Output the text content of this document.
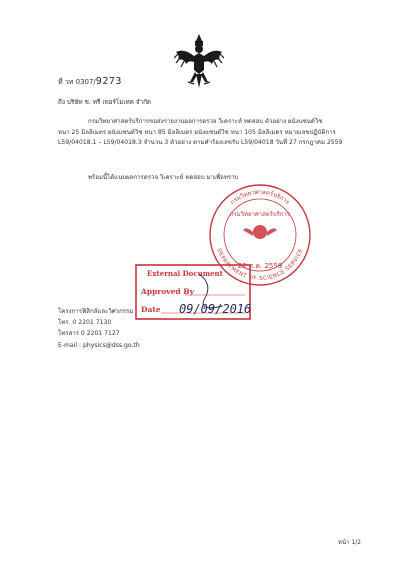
ที่ วท 0307/9273
ถึง บริษัท ซ. ทรี เทอร์โมเทค จำกัด

กรมวิทยาศาสตร์บริการขอส่งรายงานผลการตรวจ วิเคราะห์ ทดสอบ ตัวอย่าง ผนังแซนด์วิช
หนา 25 มิลลิเมตร ผนังแซนด์วิช หนา 85 มิลลิเมตร ผนังแซนด์วิช หนา 105 มิลลิเมตร หมายเลขปฏิบัติการ
L59/04018.1 – L59/04018.3 จำนวน 3 ตัวอย่าง ตามคำร้องเลขรับ L59/04018 วันที่ 27 กรกฎาคม 2559

พร้อมนี้ได้แนบผลการตรวจ วิเคราะห์ ทดสอบ มาเพื่อทราบ
กรมวิทยาศาสตร์บริการ
DEPARTMENT OF SCIENCE SERVICE
กรมวิทยาศาสตร์บริการ
22 ส.ค. 2559
External Document
Approved By
Date 09/09/2016
โครงการฟิสิกส์และวิศวกรรม
โทร. 0 2201 7130
โทรสาร 0 2201 7127
E-mail : physics@dss.go.th
หน้า 1/2
